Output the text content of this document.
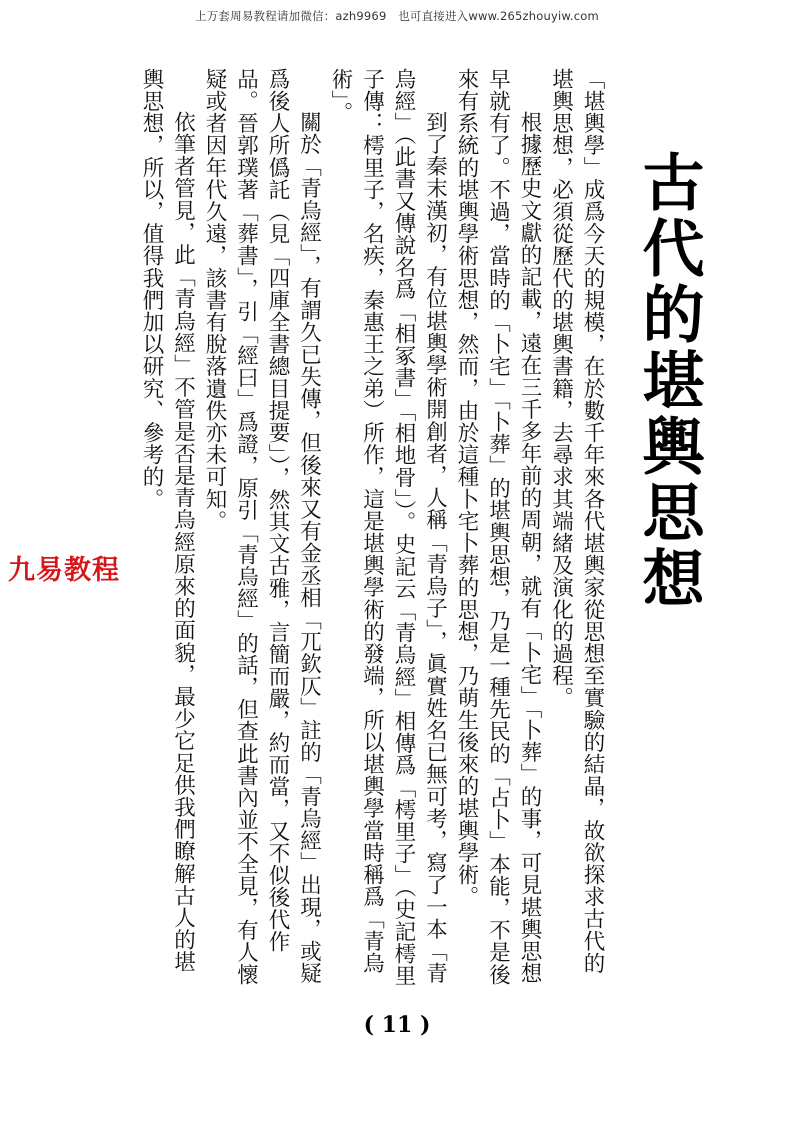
上万套周易教程请加微信：azh9969　也可直接进入www.265zhouyiw.com
古代的堪輿思想

「堪輿學」成爲今天的規模，在於數千年來各代堪輿家從思想至實驗的結晶，故欲探求古代的堪輿思想，必須從歷代的堪輿書籍，去尋求其端緒及演化的過程。

根據歷史文獻的記載，遠在三千多年前的周朝，就有「卜宅」「卜葬」的事，可見堪輿思想早就有了。不過，當時的「卜宅」「卜葬」的堪輿思想，乃是一種先民的「占卜」本能，不是後來有系統的堪輿學術思想，然而，由於這種卜宅卜葬的思想，乃萌生後來的堪輿學術。

到了秦末漢初，有位堪輿學術開創者，人稱「青烏子」，眞實姓名已無可考，寫了一本「青烏經」（此書又傳說名爲「相冢書」「相地骨」）。史記云「青烏經」相傳爲「樗里子」（史記樗里子傳：樗里子，名疾，秦惠王之弟）所作，這是堪輿學術的發端，所以堪輿學當時稱爲「青烏術」。

關於「青烏經」，有謂久已失傳，但後來又有金丞相「兀欽仄」註的「青烏經」出現，或疑爲後人所僞託（見「四庫全書總目提要」），然其文古雅，言簡而嚴，約而當，又不似後代作品。晉郭璞著「葬書」，引「經曰」爲證，原引「青烏經」的話，但查此書內並不全見，有人懷疑或者因年代久遠，該書有脫落遺佚亦未可知。

依筆者管見，此「青烏經」不管是否是青烏經原來的面貌，最少它足供我們瞭解古人的堪輿思想，所以，值得我們加以研究、參考的。

九易教程
( 11 )
